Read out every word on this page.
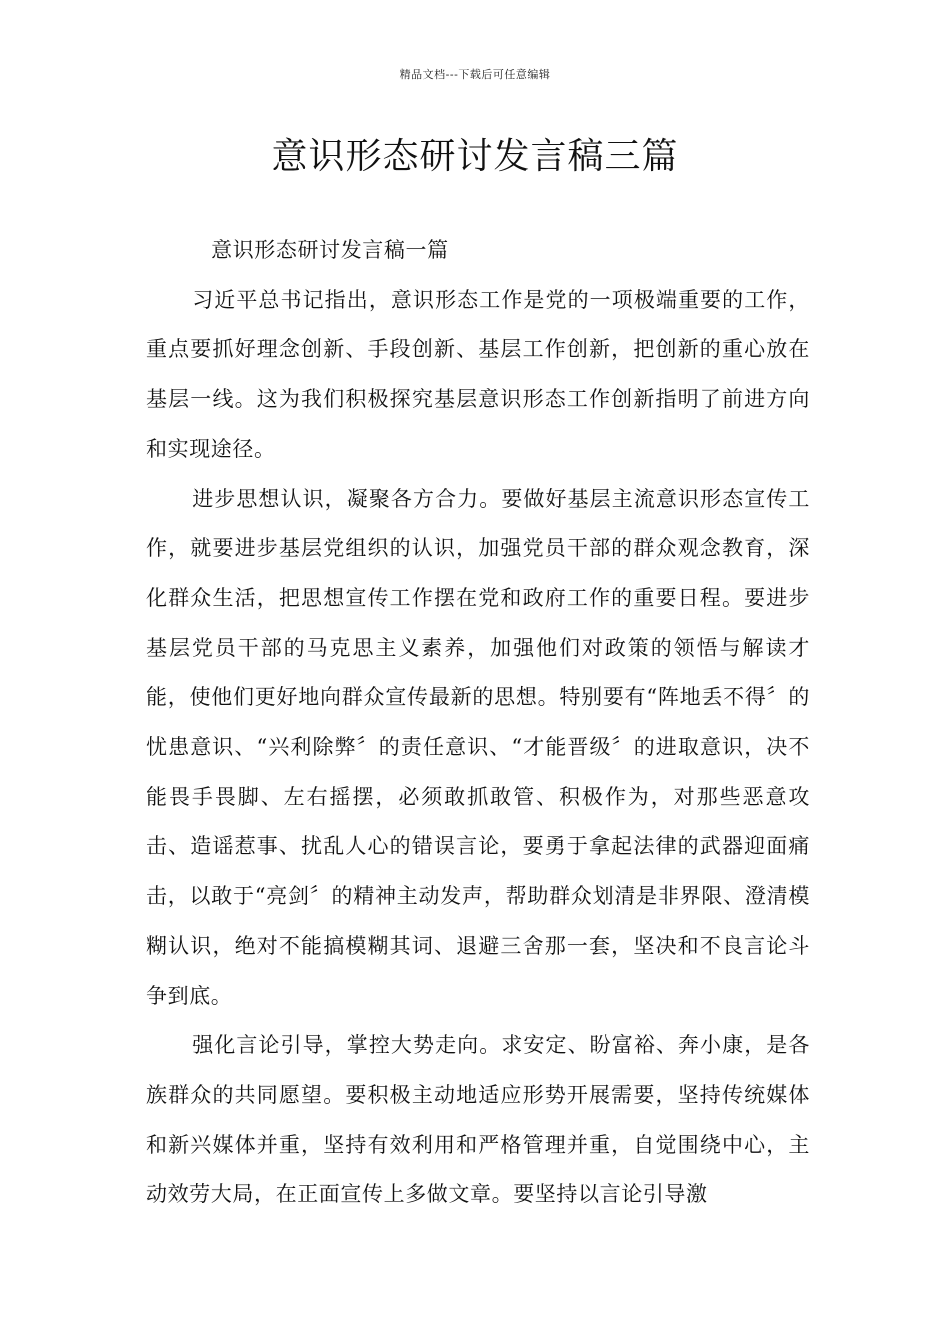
精品文档---下载后可任意编辑
意识形态研讨发言稿三篇

意识形态研讨发言稿一篇

习近平总书记指出，意识形态工作是党的一项极端重要的工作，重点要抓好理念创新、手段创新、基层工作创新，把创新的重心放在基层一线。这为我们积极探究基层意识形态工作创新指明了前进方向和实现途径。

进步思想认识，凝聚各方合力。要做好基层主流意识形态宣传工作，就要进步基层党组织的认识，加强党员干部的群众观念教育，深化群众生活，把思想宣传工作摆在党和政府工作的重要日程。要进步基层党员干部的马克思主义素养，加强他们对政策的领悟与解读才能，使他们更好地向群众宣传最新的思想。特别要有“阵地丢不得〞的忧患意识、“兴利除弊〞的责任意识、“才能晋级〞的进取意识，决不能畏手畏脚、左右摇摆，必须敢抓敢管、积极作为，对那些恶意攻击、造谣惹事、扰乱人心的错误言论，要勇于拿起法律的武器迎面痛击，以敢于“亮剑〞的精神主动发声，帮助群众划清是非界限、澄清模糊认识，绝对不能搞模糊其词、退避三舍那一套，坚决和不良言论斗争到底。

强化言论引导，掌控大势走向。求安定、盼富裕、奔小康，是各族群众的共同愿望。要积极主动地适应形势开展需要，坚持传统媒体和新兴媒体并重，坚持有效利用和严格管理并重，自觉围绕中心，主动效劳大局，在正面宣传上多做文章。要坚持以言论引导激
